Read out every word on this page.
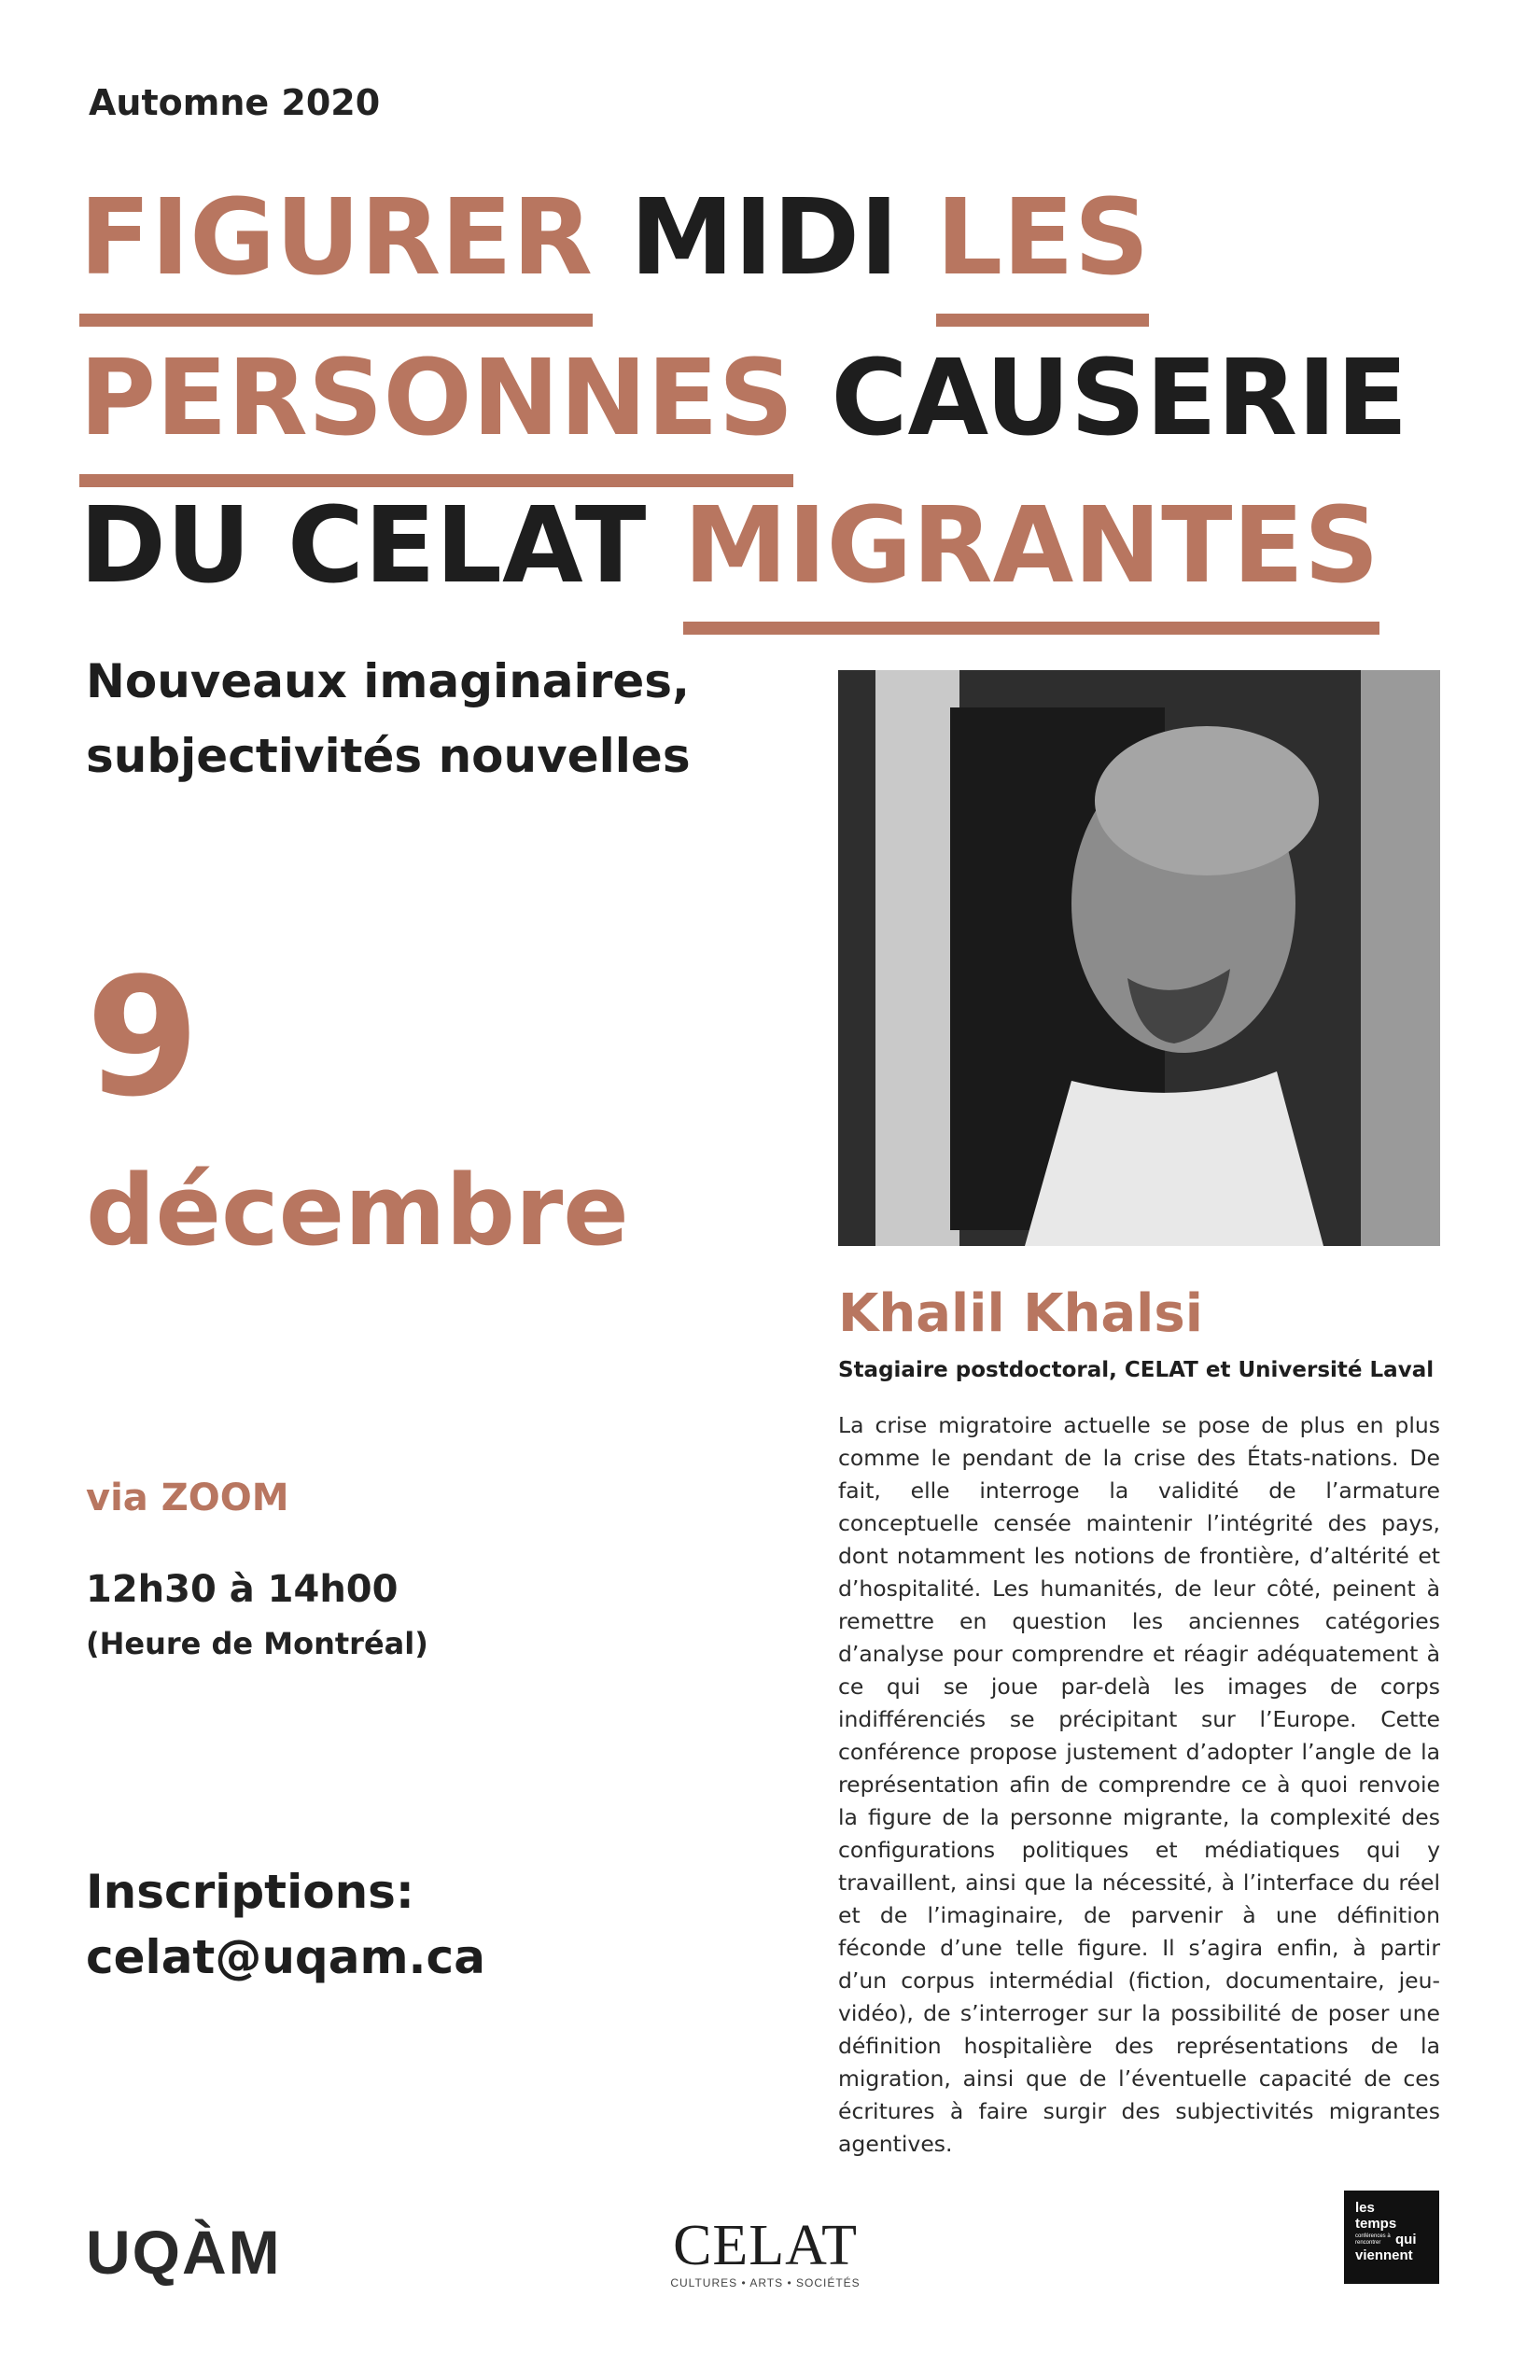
Automne 2020
FIGURER MIDI LES
PERSONNES CAUSERIE
DU CELAT MIGRANTES
Nouveaux imaginaires,
subjectivités nouvelles
9
décembre
via ZOOM
12h30 à 14h00
(Heure de Montréal)
Inscriptions:
celat@uqam.ca
Khalil Khalsi
Stagiaire postdoctoral, CELAT et Université Laval

La crise migratoire actuelle se pose de plus en plus comme le pendant de la crise des États-nations. De fait, elle interroge la validité de l’armature conceptuelle censée maintenir l’intégrité des pays, dont notamment les notions de frontière, d’altérité et d’hospitalité. Les humanités, de leur côté, peinent à remettre en question les anciennes catégories d’analyse pour comprendre et réagir adéquatement à ce qui se joue par-delà les images de corps indifférenciés se précipitant sur l’Europe. Cette conférence propose justement d’adopter l’angle de la représentation afin de comprendre ce à quoi renvoie la figure de la personne migrante, la complexité des configurations politiques et médiatiques qui y travaillent, ainsi que la nécessité, à l’interface du réel et de l’imaginaire, de parvenir à une définition féconde d’une telle figure. Il s’agira enfin, à partir d’un corpus intermédial (fiction, documentaire, jeu-vidéo), de s’interroger sur la possibilité de poser une définition hospitalière des représentations de la migration, ainsi que de l’éventuelle capacité de ces écritures à faire surgir des subjectivités migrantes agentives.

UQÀM	CELAT
CULTURES • ARTS • SOCIÉTÉS
les
temps
conférences à rencontrer	qui
viennent
